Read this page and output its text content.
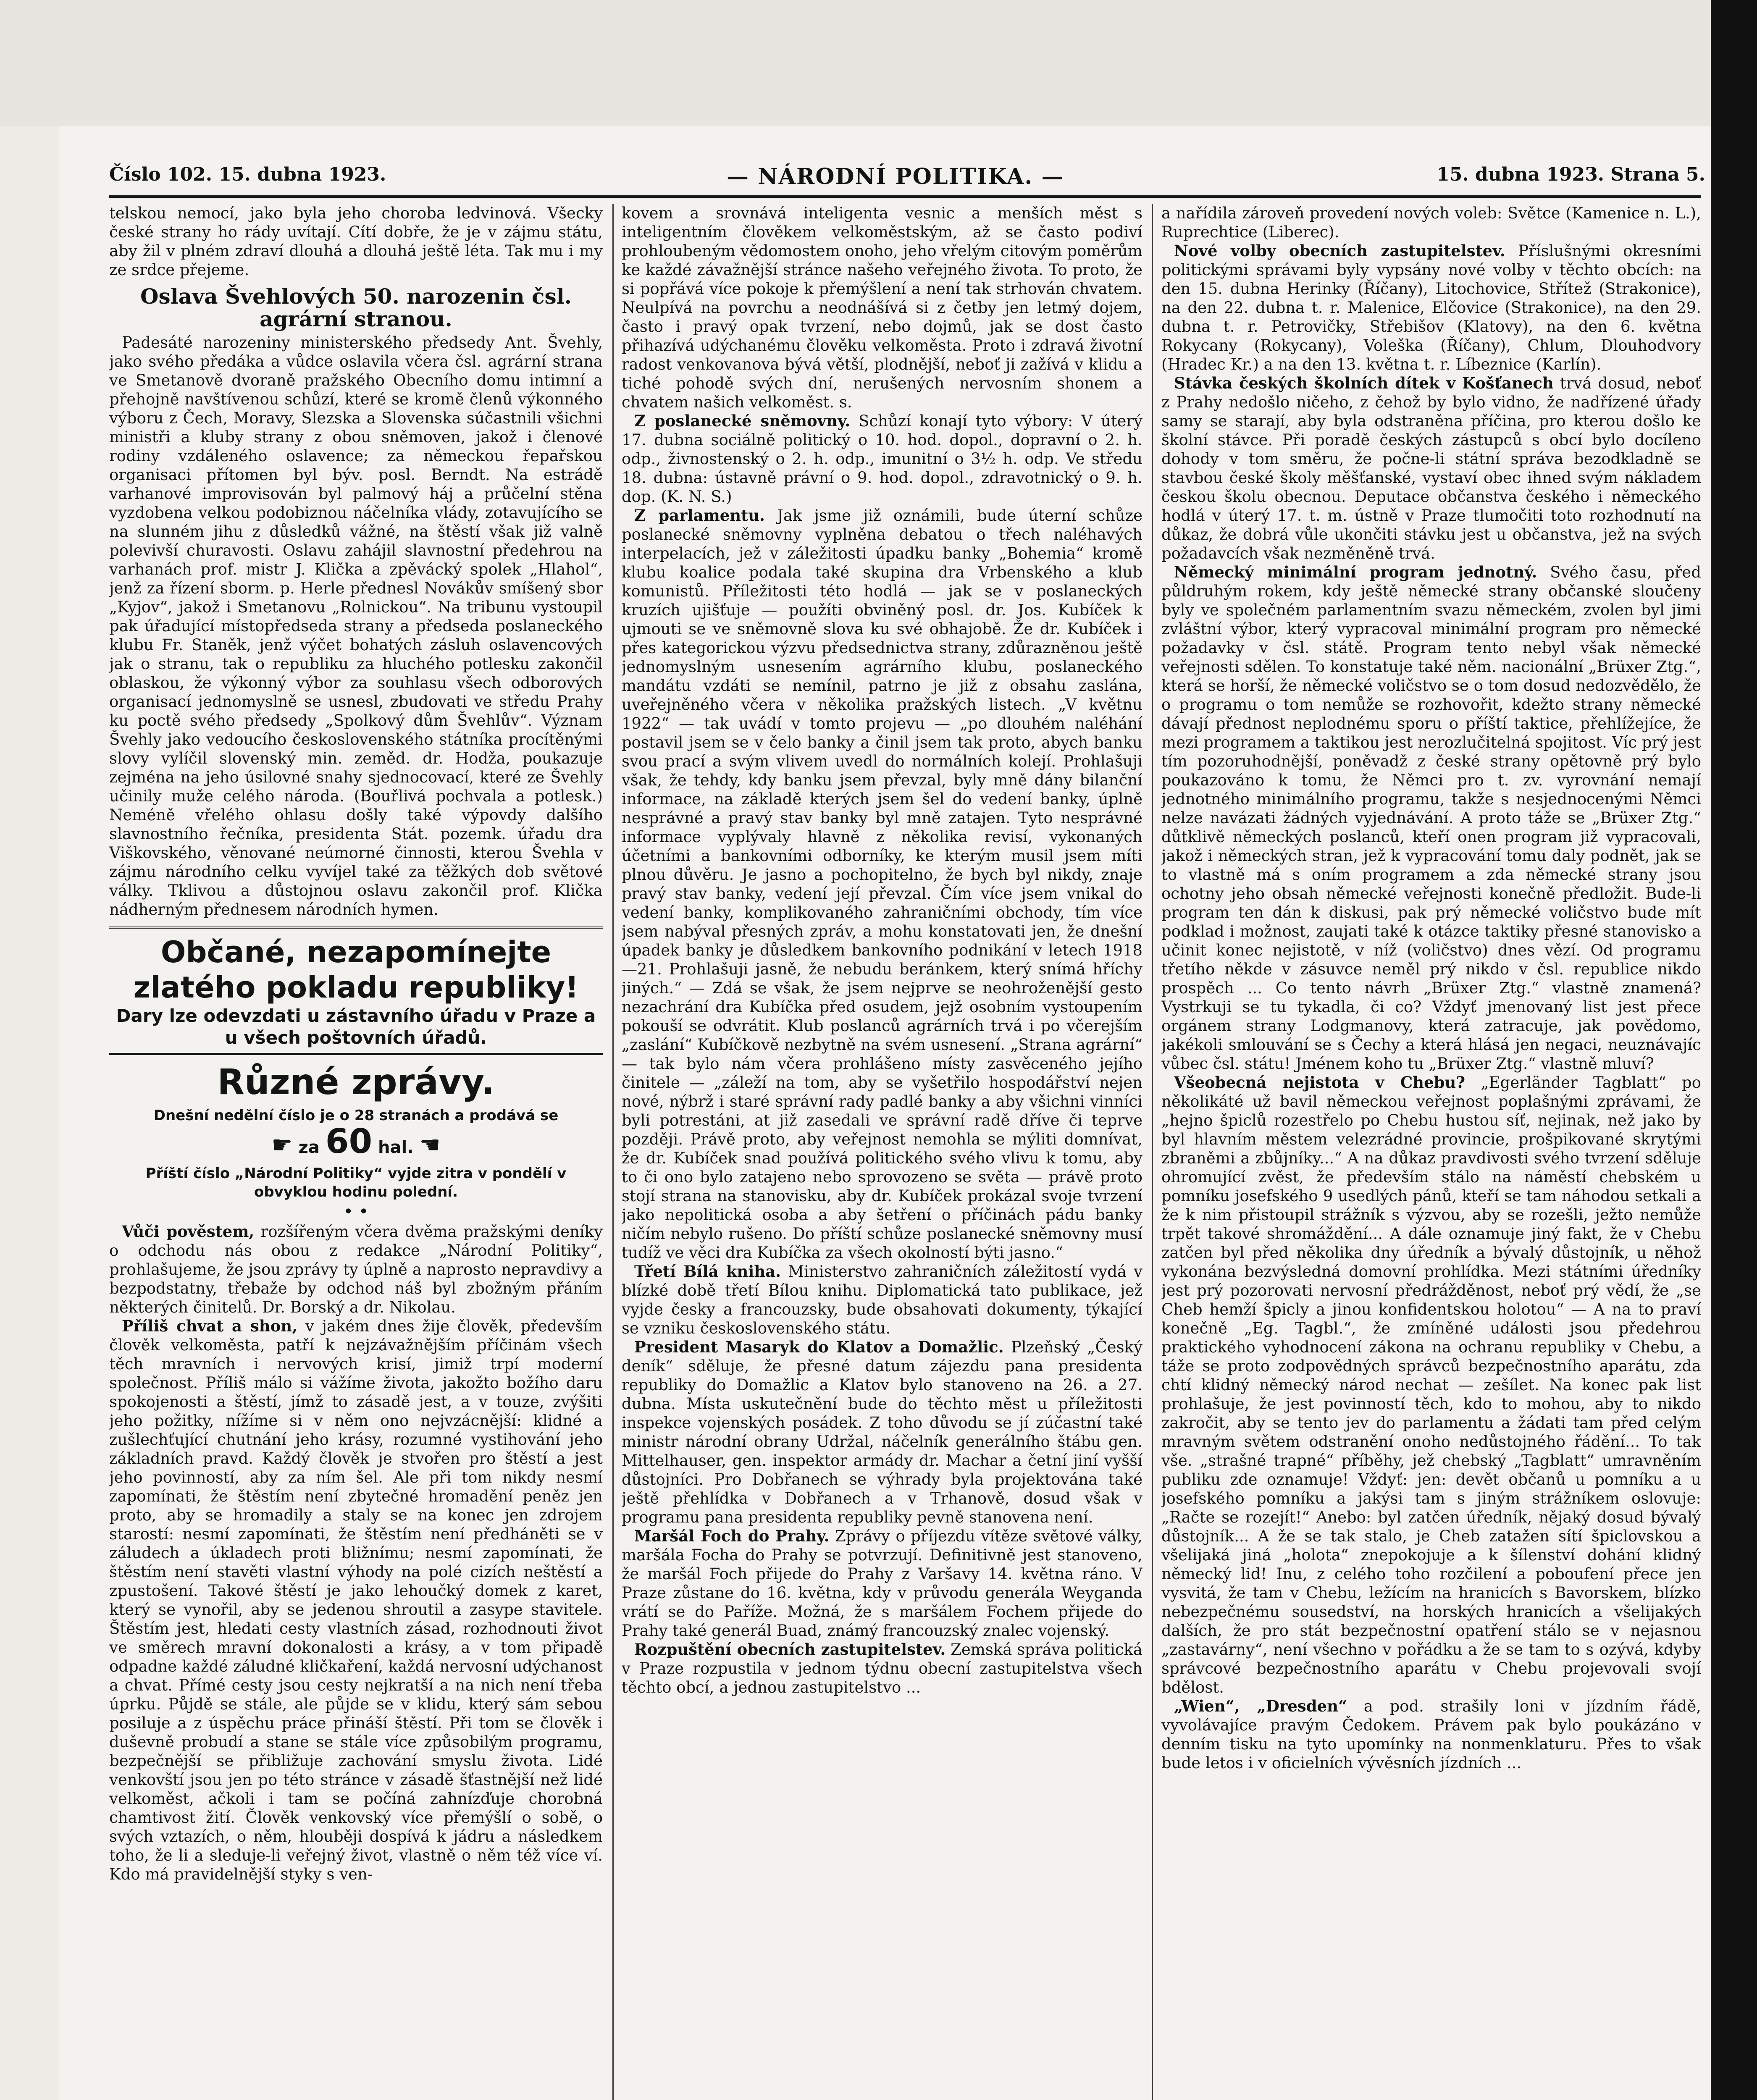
Číslo 102. 15. dubna 1923.	— NÁRODNÍ POLITIKA. —	15. dubna 1923. Strana 5.

telskou nemocí, jako byla jeho choroba ledvinová. Všecky české strany ho rády uvítají. Cítí dobře, že je v zájmu státu, aby žil v plném zdraví dlouhá a dlouhá ještě léta. Tak mu i my ze srdce přejeme.

Oslava Švehlových 50. narozenin čsl. agrární stranou.

Padesáté narozeniny ministerského předsedy Ant. Švehly, jako svého předáka a vůdce oslavila včera čsl. agrární strana ve Smetanově dvoraně pražského Obecního domu intimní a přehojně navštívenou schůzí, které se kromě členů výkonného výboru z Čech, Moravy, Slezska a Slovenska súčastnili všichni ministři a kluby strany z obou sněmoven, jakož i členové rodiny vzdáleného oslavence; za německou řepařskou organisaci přítomen byl býv. posl. Berndt. Na estrádě varhanové improvisován byl palmový háj a průčelní stěna vyzdobena velkou podobiznou náčelníka vlády, zotavujícího se na slunném jihu z důsledků vážné, na štěstí však již valně polevivší churavosti. Oslavu zahájil slavnostní předehrou na varhanách prof. mistr J. Klička a zpěvácký spolek „Hlahol“, jenž za řízení sborm. p. Herle přednesl Novákův smíšený sbor „Kyjov“, jakož i Smetanovu „Rolnickou“. Na tribunu vystoupil pak úřadující místopředseda strany a předseda poslaneckého klubu Fr. Staněk, jenž výčet bohatých zásluh oslavencových jak o stranu, tak o republiku za hluchého potlesku zakončil oblaskou, že výkonný výbor za souhlasu všech odborových organisací jednomyslně se usnesl, zbudovati ve středu Prahy ku poctě svého předsedy „Spolkový dům Švehlův“. Význam Švehly jako vedoucího československého státníka procítěnými slovy vylíčil slovenský min. zeměd. dr. Hodža, poukazuje zejména na jeho úsilovné snahy sjednocovací, které ze Švehly učinily muže celého národa. (Bouřlivá pochvala a potlesk.) Neméně vřelého ohlasu došly také výpovdy dalšího slavnostního řečníka, presidenta Stát. pozemk. úřadu dra Viškovského, věnované neúmorné činnosti, kterou Švehla v zájmu národního celku vyvíjel také za těžkých dob světové války. Tklivou a důstojnou oslavu zakončil prof. Klička nádherným přednesem národních hymen.

Občané, nezapomínejte zlatého pokladu republiky!
Dary lze odevzdati u zástavního úřadu v Praze a u všech poštovních úřadů.
Různé zprávy.
Dnešní nedělní číslo je o 28 stranách a prodává se
☛ za 60 hal. ☚
Příští číslo „Národní Politiky“ vyjde zitra v pondělí v obvyklou hodinu polední.
• •

Vůči pověstem, rozšířeným včera dvěma pražskými deníky o odchodu nás obou z redakce „Národní Politiky“, prohlašujeme, že jsou zprávy ty úplně a naprosto nepravdivy a bezpodstatny, třebaže by odchod náš byl zbožným přáním některých činitelů. Dr. Borský a dr. Nikolau.

Příliš chvat a shon, v jakém dnes žije člověk, především člověk velkoměsta, patří k nejzávažnějším příčinám všech těch mravních i nervových krisí, jimiž trpí moderní společnost. Příliš málo si vážíme života, jakožto božího daru spokojenosti a štěstí, jímž to zásadě jest, a v touze, zvýšiti jeho požitky, nížíme si v něm ono nejvzácnější: klidné a zušlechťující chutnání jeho krásy, rozumné vystihování jeho základních pravd. Každý člověk je stvořen pro štěstí a jest jeho povinností, aby za ním šel. Ale při tom nikdy nesmí zapomínati, že štěstím není zbytečné hromadění peněz jen proto, aby se hromadily a staly se na konec jen zdrojem starostí: nesmí zapomínati, že štěstím není předháněti se v záludech a úkladech proti bližnímu; nesmí zapomínati, že štěstím není stavěti vlastní výhody na polé cizích neštěstí a zpustošení. Takové štěstí je jako lehoučký domek z karet, který se vynořil, aby se jedenou shroutil a zasype stavitele. Štěstím jest, hledati cesty vlastních zásad, rozhodnouti život ve směrech mravní dokonalosti a krásy, a v tom připadě odpadne každé záludné kličkaření, každá nervosní udýchanost a chvat. Přímé cesty jsou cesty nejkratší a na nich není třeba úprku. Půjdě se stále, ale půjde se v klidu, který sám sebou posiluje a z úspěchu práce přináší štěstí. Při tom se člověk i duševně probudí a stane se stále více způsobilým programu, bezpečnější se přibližuje zachování smyslu života. Lidé venkovští jsou jen po této stránce v zásadě šťastnější než lidé velkoměst, ačkoli i tam se počíná zahnízďuje chorobná chamtivost žití. Člověk venkovský více přemýšlí o sobě, o svých vztazích, o něm, hlouběji dospívá k jádru a následkem toho, že li a sleduje-li veřejný život, vlastně o něm též více ví. Kdo má pravidelnější styky s ven-

kovem a srovnává inteligenta vesnic a menších měst s inteligentním člověkem velkoměstským, až se často podiví prohloubeným vědomostem onoho, jeho vřelým citovým poměrům ke každé závažnější stránce našeho veřejného života. To proto, že si popřává více pokoje k přemýšlení a není tak strhován chvatem. Neulpívá na povrchu a neodnášívá si z četby jen letmý dojem, často i pravý opak tvrzení, nebo dojmů, jak se dost často přihazívá udýchanému člověku velkoměsta. Proto i zdravá životní radost venkovanova bývá větší, plodnější, neboť ji zažívá v klidu a tiché pohodě svých dní, nerušených nervosním shonem a chvatem našich velkoměst. s.

Z poslanecké sněmovny. Schůzí konají tyto výbory: V úterý 17. dubna sociálně politický o 10. hod. dopol., dopravní o 2. h. odp., živnostenský o 2. h. odp., imunitní o 3½ h. odp. Ve středu 18. dubna: ústavně právní o 9. hod. dopol., zdravotnický o 9. h. dop. (K. N. S.)

Z parlamentu. Jak jsme již oznámili, bude úterní schůze poslanecké sněmovny vyplněna debatou o třech naléhavých interpelacích, jež v záležitosti úpadku banky „Bohemia“ kromě klubu koalice podala také skupina dra Vrbenského a klub komunistů. Příležitosti této hodlá — jak se v poslaneckých kruzích ujišťuje — použíti obviněný posl. dr. Jos. Kubíček k ujmouti se ve sněmovně slova ku své obhajobě. Že dr. Kubíček i přes kategorickou výzvu předsednictva strany, zdůrazněnou ještě jednomyslným usnesením agrárního klubu, poslaneckého mandátu vzdáti se nemínil, patrno je již z obsahu zaslána, uveřejněného včera v několika pražských listech. „V květnu 1922“ — tak uvádí v tomto projevu — „po dlouhém naléhání postavil jsem se v čelo banky a činil jsem tak proto, abych banku svou prací a svým vlivem uvedl do normálních kolejí. Prohlašuji však, že tehdy, kdy banku jsem převzal, byly mně dány bilanční informace, na základě kterých jsem šel do vedení banky, úplně nesprávné a pravý stav banky byl mně zatajen. Tyto nesprávné informace vyplývaly hlavně z několika revisí, vykonaných účetními a bankovními odborníky, ke kterým musil jsem míti plnou důvěru. Je jasno a pochopitelno, že bych byl nikdy, znaje pravý stav banky, vedení její převzal. Čím více jsem vnikal do vedení banky, komplikovaného zahraničními obchody, tím více jsem nabýval přesných zpráv, a mohu konstatovati jen, že dnešní úpadek banky je důsledkem bankovního podnikání v letech 1918—21. Prohlašuji jasně, že nebudu beránkem, který snímá hříchy jiných.“ — Zdá se však, že jsem nejprve se neohroženější gesto nezachrání dra Kubíčka před osudem, jejž osobním vystoupením pokouší se odvrátit. Klub poslanců agrárních trvá i po včerejším „zaslání“ Kubíčkově nezbytně na svém usnesení. „Strana agrární“ — tak bylo nám včera prohlášeno místy zasvěceného jejího činitele — „záleží na tom, aby se vyšetřilo hospodářství nejen nové, nýbrž i staré správní rady padlé banky a aby všichni vinníci byli potrestáni, at již zasedali ve správní radě dříve či teprve později. Právě proto, aby veřejnost nemohla se mýliti domnívat, že dr. Kubíček snad používá politického svého vlivu k tomu, aby to či ono bylo zatajeno nebo sprovozeno se světa — právě proto stojí strana na stanovisku, aby dr. Kubíček prokázal svoje tvrzení jako nepolitická osoba a aby šetření o příčinách pádu banky ničím nebylo rušeno. Do příští schůze poslanecké sněmovny musí tudíž ve věci dra Kubíčka za všech okolností býti jasno.“

Třetí Bílá kniha. Ministerstvo zahraničních záležitostí vydá v blízké době třetí Bílou knihu. Diplomatická tato publikace, jež vyjde česky a francouzsky, bude obsahovati dokumenty, týkající se vzniku československého státu.

President Masaryk do Klatov a Domažlic. Plzeňský „Český deník“ sděluje, že přesné datum zájezdu pana presidenta republiky do Domažlic a Klatov bylo stanoveno na 26. a 27. dubna. Místa uskutečnění bude do těchto měst u příležitosti inspekce vojenských posádek. Z toho důvodu se jí zúčastní také ministr národní obrany Udržal, náčelník generálního štábu gen. Mittelhauser, gen. inspektor armády dr. Machar a četní jiní vyšší důstojníci. Pro Dobřanech se výhrady byla projektována také ještě přehlídka v Dobřanech a v Trhanově, dosud však v programu pana presidenta republiky pevně stanovena není.

Maršál Foch do Prahy. Zprávy o příjezdu vítěze světové války, maršála Focha do Prahy se potvrzují. Definitivně jest stanoveno, že maršál Foch přijede do Prahy z Varšavy 14. května ráno. V Praze zůstane do 16. května, kdy v průvodu generála Weyganda vrátí se do Paříže. Možná, že s maršálem Fochem přijede do Prahy také generál Buad, známý francouzský znalec vojenský.

Rozpuštění obecních zastupitelstev. Zemská správa politická v Praze rozpustila v jednom týdnu obecní zastupitelstva všech těchto obcí, a jednou zastupitelstvo ...

a nařídila zároveň provedení nových voleb: Světce (Kamenice n. L.), Ruprechtice (Liberec).

Nové volby obecních zastupitelstev. Příslušnými okresními politickými správami byly vypsány nové volby v těchto obcích: na den 15. dubna Herinky (Říčany), Litochovice, Střítež (Strakonice), na den 22. dubna t. r. Malenice, Elčovice (Strakonice), na den 29. dubna t. r. Petrovičky, Střebišov (Klatovy), na den 6. května Rokycany (Rokycany), Voleška (Říčany), Chlum, Dlouhodvory (Hradec Kr.) a na den 13. května t. r. Líbeznice (Karlín).

Stávka českých školních dítek v Košťanech trvá dosud, neboť z Prahy nedošlo ničeho, z čehož by bylo vidno, že nadřízené úřady samy se starají, aby byla odstraněna příčina, pro kterou došlo ke školní stávce. Při poradě českých zástupců s obcí bylo docíleno dohody v tom směru, že počne-li státní správa bezodkladně se stavbou české školy měšťanské, vystaví obec ihned svým nákladem českou školu obecnou. Deputace občanstva českého i německého hodlá v úterý 17. t. m. ústně v Praze tlumočiti toto rozhodnutí na důkaz, že dobrá vůle ukončiti stávku jest u občanstva, jež na svých požadavcích však nezměněně trvá.

Německý minimální program jednotný. Svého času, před půldruhým rokem, kdy ještě německé strany občanské sloučeny byly ve společném parlamentním svazu německém, zvolen byl jimi zvláštní výbor, který vypracoval minimální program pro německé požadavky v čsl. státě. Program tento nebyl však německé veřejnosti sdělen. To konstatuje také něm. nacionální „Brüxer Ztg.“, která se horší, že německé voličstvo se o tom dosud nedozvědělo, že o programu o tom nemůže se rozhovořit, kdežto strany německé dávají přednost neplodnému sporu o příští taktice, přehlížejíce, že mezi programem a taktikou jest nerozlučitelná spojitost. Víc prý jest tím pozoruhodnější, poněvadž z české strany opětovně prý bylo poukazováno k tomu, že Němci pro t. zv. vyrovnání nemají jednotného minimálního programu, takže s nesjednocenými Němci nelze navázati žádných vyjednávání. A proto táže se „Brüxer Ztg.“ důtklivě německých poslanců, kteří onen program již vypracovali, jakož i německých stran, jež k vypracování tomu daly podnět, jak se to vlastně má s oním programem a zda německé strany jsou ochotny jeho obsah německé veřejnosti konečně předložit. Bude-li program ten dán k diskusi, pak prý německé voličstvo bude mít podklad i možnost, zaujati také k otázce taktiky přesné stanovisko a učinit konec nejistotě, v níž (voličstvo) dnes vězí. Od programu třetího někde v zásuvce neměl prý nikdo v čsl. republice nikdo prospěch ... Co tento návrh „Brüxer Ztg.“ vlastně znamená? Vystrkuji se tu tykadla, či co? Vždyť jmenovaný list jest přece orgánem strany Lodgmanovy, která zatracuje, jak povědomo, jakékoli smlouvání se s Čechy a která hlásá jen negaci, neuznávajíc vůbec čsl. státu! Jménem koho tu „Brüxer Ztg.“ vlastně mluví?

Všeobecná nejistota v Chebu? „Egerländer Tagblatt“ po několikáté už bavil německou veřejnost poplašnými zprávami, že „hejno špiclů rozestřelo po Chebu hustou síť, nejinak, než jako by byl hlavním městem velezrádné provincie, prošpikované skrytými zbraněmi a zbůjníky...“ A na důkaz pravdivosti svého tvrzení sděluje ohromující zvěst, že především stálo na náměstí chebském u pomníku josefského 9 usedlých pánů, kteří se tam náhodou setkali a že k nim přistoupil strážník s výzvou, aby se rozešli, ježto nemůže trpět takové shromáždění... A dále oznamuje jiný fakt, že v Chebu zatčen byl před několika dny úředník a bývalý důstojník, u něhož vykonána bezvýsledná domovní prohlídka. Mezi státními úředníky jest prý pozorovati nervosní předrážděnost, neboť prý vědí, že „se Cheb hemží špicly a jinou konfidentskou holotou“ — A na to praví konečně „Eg. Tagbl.“, že zmíněné události jsou předehrou praktického vyhodnocení zákona na ochranu republiky v Chebu, a táže se proto zodpovědných správců bezpečnostního aparátu, zda chtí klidný německý národ nechat — zešílet. Na konec pak list prohlašuje, že jest povinností těch, kdo to mohou, aby to nikdo zakročit, aby se tento jev do parlamentu a žádati tam před celým mravným světem odstranění onoho nedůstojného řádění... To tak vše. „strašné trapné“ příběhy, jež chebský „Tagblatt“ umravněním publiku zde oznamuje! Vždyť: jen: devět občanů u pomníku a u josefského pomníku a jakýsi tam s jiným strážníkem oslovuje: „Račte se rozejít!“ Anebo: byl zatčen úředník, nějaký dosud bývalý důstojník... A že se tak stalo, je Cheb zatažen sítí špiclovskou a všelijaká jiná „holota“ znepokojuje a k šílenství dohání klidný německý lid! Inu, z celého toho rozčilení a poboufení přece jen vysvitá, že tam v Chebu, ležícím na hranicích s Bavorskem, blízko nebezpečnému sousedství, na horských hranicích a všelijakých dalších, že pro stát bezpečnostní opatření stálo se v nejasnou „zastavárny“, není všechno v pořádku a že se tam to s ozývá, kdyby správcové bezpečnostního aparátu v Chebu projevovali svojí bdělost.

„Wien“, „Dresden“ a pod. strašily loni v jízdním řádě, vyvolávajíce pravým Čedokem. Právem pak bylo poukázáno v denním tisku na tyto upomínky na nonmenklaturu. Přes to však bude letos i v oficielních vývěsních jízdních ...
